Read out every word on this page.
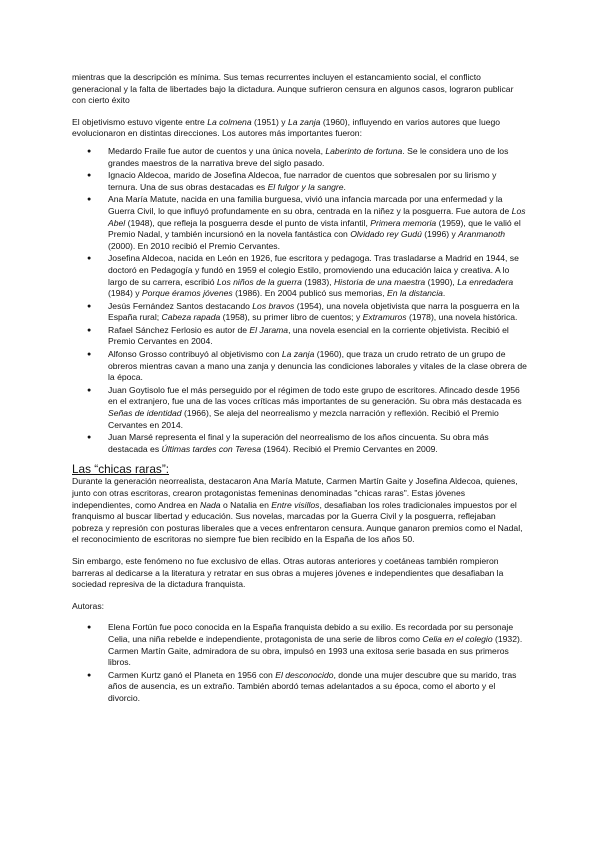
mientras que la descripción es mínima. Sus temas recurrentes incluyen el estancamiento social, el conflicto generacional y la falta de libertades bajo la dictadura. Aunque sufrieron censura en algunos casos, lograron publicar con cierto éxito

El objetivismo estuvo vigente entre La colmena (1951) y La zanja (1960), influyendo en varios autores que luego evolucionaron en distintas direcciones. Los autores más importantes fueron:

● Medardo Fraile fue autor de cuentos y una única novela, Laberinto de fortuna. Se le considera uno de los grandes maestros de la narrativa breve del siglo pasado.
● Ignacio Aldecoa, marido de Josefina Aldecoa, fue narrador de cuentos que sobresalen por su lirismo y ternura. Una de sus obras destacadas es El fulgor y la sangre.
● Ana María Matute, nacida en una familia burguesa, vivió una infancia marcada por una enfermedad y la Guerra Civil, lo que influyó profundamente en su obra, centrada en la niñez y la posguerra. Fue autora de Los Abel (1948), que refleja la posguerra desde el punto de vista infantil, Primera memoria (1959), que le valió el Premio Nadal, y también incursionó en la novela fantástica con Olvidado rey Gudú (1996) y Aranmanoth (2000). En 2010 recibió el Premio Cervantes.
● Josefina Aldecoa, nacida en León en 1926, fue escritora y pedagoga. Tras trasladarse a Madrid en 1944, se doctoró en Pedagogía y fundó en 1959 el colegio Estilo, promoviendo una educación laica y creativa. A lo largo de su carrera, escribió Los niños de la guerra (1983), Historia de una maestra (1990), La enredadera (1984) y Porque éramos jóvenes (1986). En 2004 publicó sus memorias, En la distancia.
● Jesús Fernández Santos destacando Los bravos (1954), una novela objetivista que narra la posguerra en la España rural; Cabeza rapada (1958), su primer libro de cuentos; y Extramuros (1978), una novela histórica.
● Rafael Sánchez Ferlosio es autor de El Jarama, una novela esencial en la corriente objetivista. Recibió el Premio Cervantes en 2004.
● Alfonso Grosso contribuyó al objetivismo con La zanja (1960), que traza un crudo retrato de un grupo de obreros mientras cavan a mano una zanja y denuncia las condiciones laborales y vitales de la clase obrera de la época.
● Juan Goytisolo fue el más perseguido por el régimen de todo este grupo de escritores. Afincado desde 1956 en el extranjero, fue una de las voces críticas más importantes de su generación. Su obra más destacada es Señas de identidad (1966), Se aleja del neorrealismo y mezcla narración y reflexión. Recibió el Premio Cervantes en 2014.
● Juan Marsé representa el final y la superación del neorrealismo de los años cincuenta. Su obra más destacada es Últimas tardes con Teresa (1964). Recibió el Premio Cervantes en 2009.
Las “chicas raras”:

Durante la generación neorrealista, destacaron Ana María Matute, Carmen Martín Gaite y Josefina Aldecoa, quienes, junto con otras escritoras, crearon protagonistas femeninas denominadas "chicas raras". Estas jóvenes independientes, como Andrea en Nada o Natalia en Entre visillos, desafiaban los roles tradicionales impuestos por el franquismo al buscar libertad y educación. Sus novelas, marcadas por la Guerra Civil y la posguerra, reflejaban pobreza y represión con posturas liberales que a veces enfrentaron censura. Aunque ganaron premios como el Nadal, el reconocimiento de escritoras no siempre fue bien recibido en la España de los años 50.

Sin embargo, este fenómeno no fue exclusivo de ellas. Otras autoras anteriores y coetáneas también rompieron barreras al dedicarse a la literatura y retratar en sus obras a mujeres jóvenes e independientes que desafiaban la sociedad represiva de la dictadura franquista.

Autoras:

● Elena Fortún fue poco conocida en la España franquista debido a su exilio. Es recordada por su personaje Celia, una niña rebelde e independiente, protagonista de una serie de libros como Celia en el colegio (1932). Carmen Martín Gaite, admiradora de su obra, impulsó en 1993 una exitosa serie basada en sus primeros libros.
● Carmen Kurtz ganó el Planeta en 1956 con El desconocido, donde una mujer descubre que su marido, tras años de ausencia, es un extraño. También abordó temas adelantados a su época, como el aborto y el divorcio.
